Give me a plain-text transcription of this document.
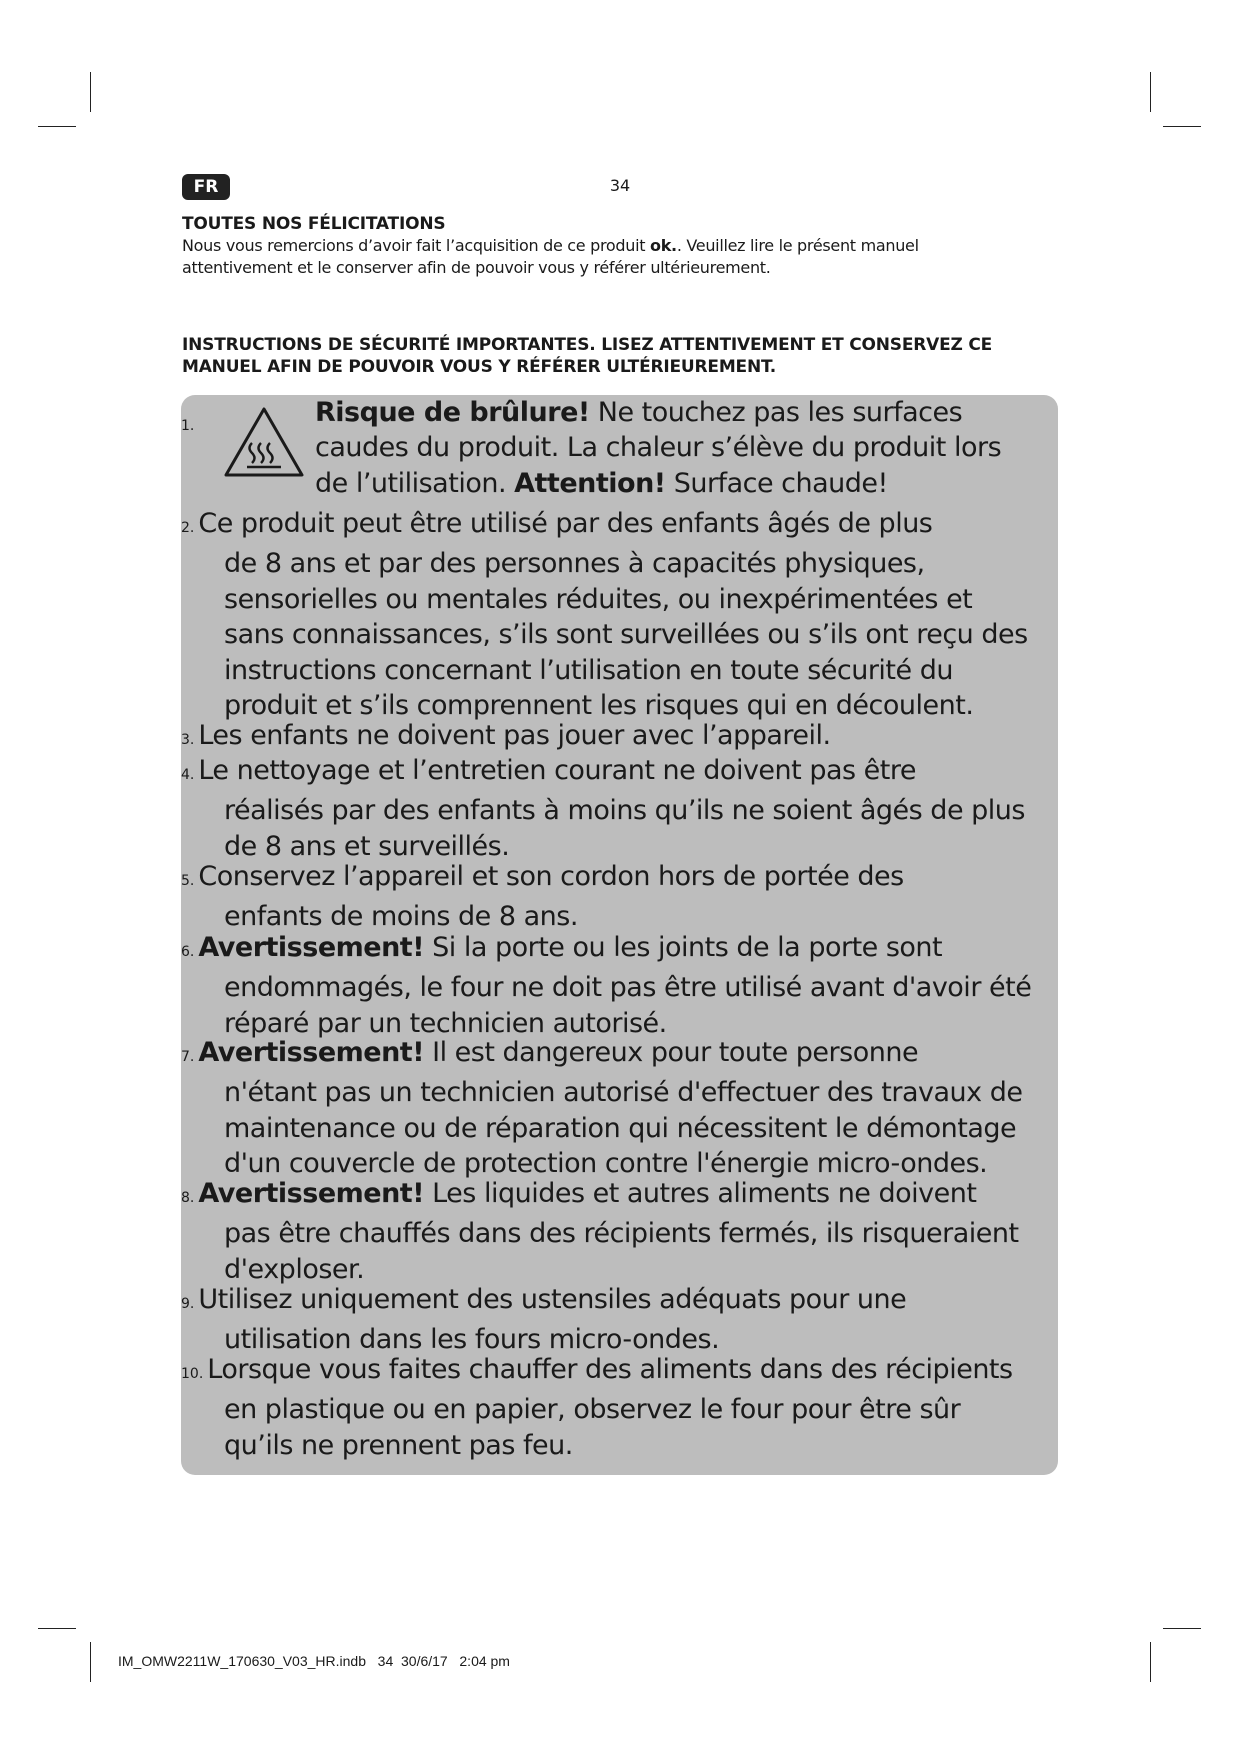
FR	34
TOUTES NOS FÉLICITATIONS

Nous vous remercions d’avoir fait l’acquisition de ce produit ok.. Veuillez lire le présent manuel
attentivement et le conserver afin de pouvoir vous y référer ultérieurement.

INSTRUCTIONS DE SÉCURITÉ IMPORTANTES. LISEZ ATTENTIVEMENT ET CONSERVEZ CE
MANUEL AFIN DE POUVOIR VOUS Y RÉFÉRER ULTÉRIEUREMENT.
1.	Risque de brûlure! Ne touchez pas les surfaces
caudes du produit. La chaleur s’élève du produit lors
de l’utilisation. Attention! Surface chaude!

2. Ce produit peut être utilisé par des enfants âgés de plus
de 8 ans et par des personnes à capacités physiques,
sensorielles ou mentales réduites, ou inexpérimentées et
sans connaissances, s’ils sont surveillées ou s’ils ont reçu des
instructions concernant l’utilisation en toute sécurité du
produit et s’ils comprennent les risques qui en découlent.

3. Les enfants ne doivent pas jouer avec l’appareil.

4. Le nettoyage et l’entretien courant ne doivent pas être
réalisés par des enfants à moins qu’ils ne soient âgés de plus
de 8 ans et surveillés.

5. Conservez l’appareil et son cordon hors de portée des
enfants de moins de 8 ans.

6. Avertissement! Si la porte ou les joints de la porte sont
endommagés, le four ne doit pas être utilisé avant d'avoir été
réparé par un technicien autorisé.

7. Avertissement! Il est dangereux pour toute personne
n'étant pas un technicien autorisé d'effectuer des travaux de
maintenance ou de réparation qui nécessitent le démontage
d'un couvercle de protection contre l'énergie micro-ondes.

8. Avertissement! Les liquides et autres aliments ne doivent
pas être chauffés dans des récipients fermés, ils risqueraient
d'exploser.

9. Utilisez uniquement des ustensiles adéquats pour une
utilisation dans les fours micro-ondes.

10. Lorsque vous faites chauffer des aliments dans des récipients
en plastique ou en papier, observez le four pour être sûr
qu’ils ne prennent pas feu.

IM_OMW2211W_170630_V03_HR.indb   34  30/6/17   2:04 pm
